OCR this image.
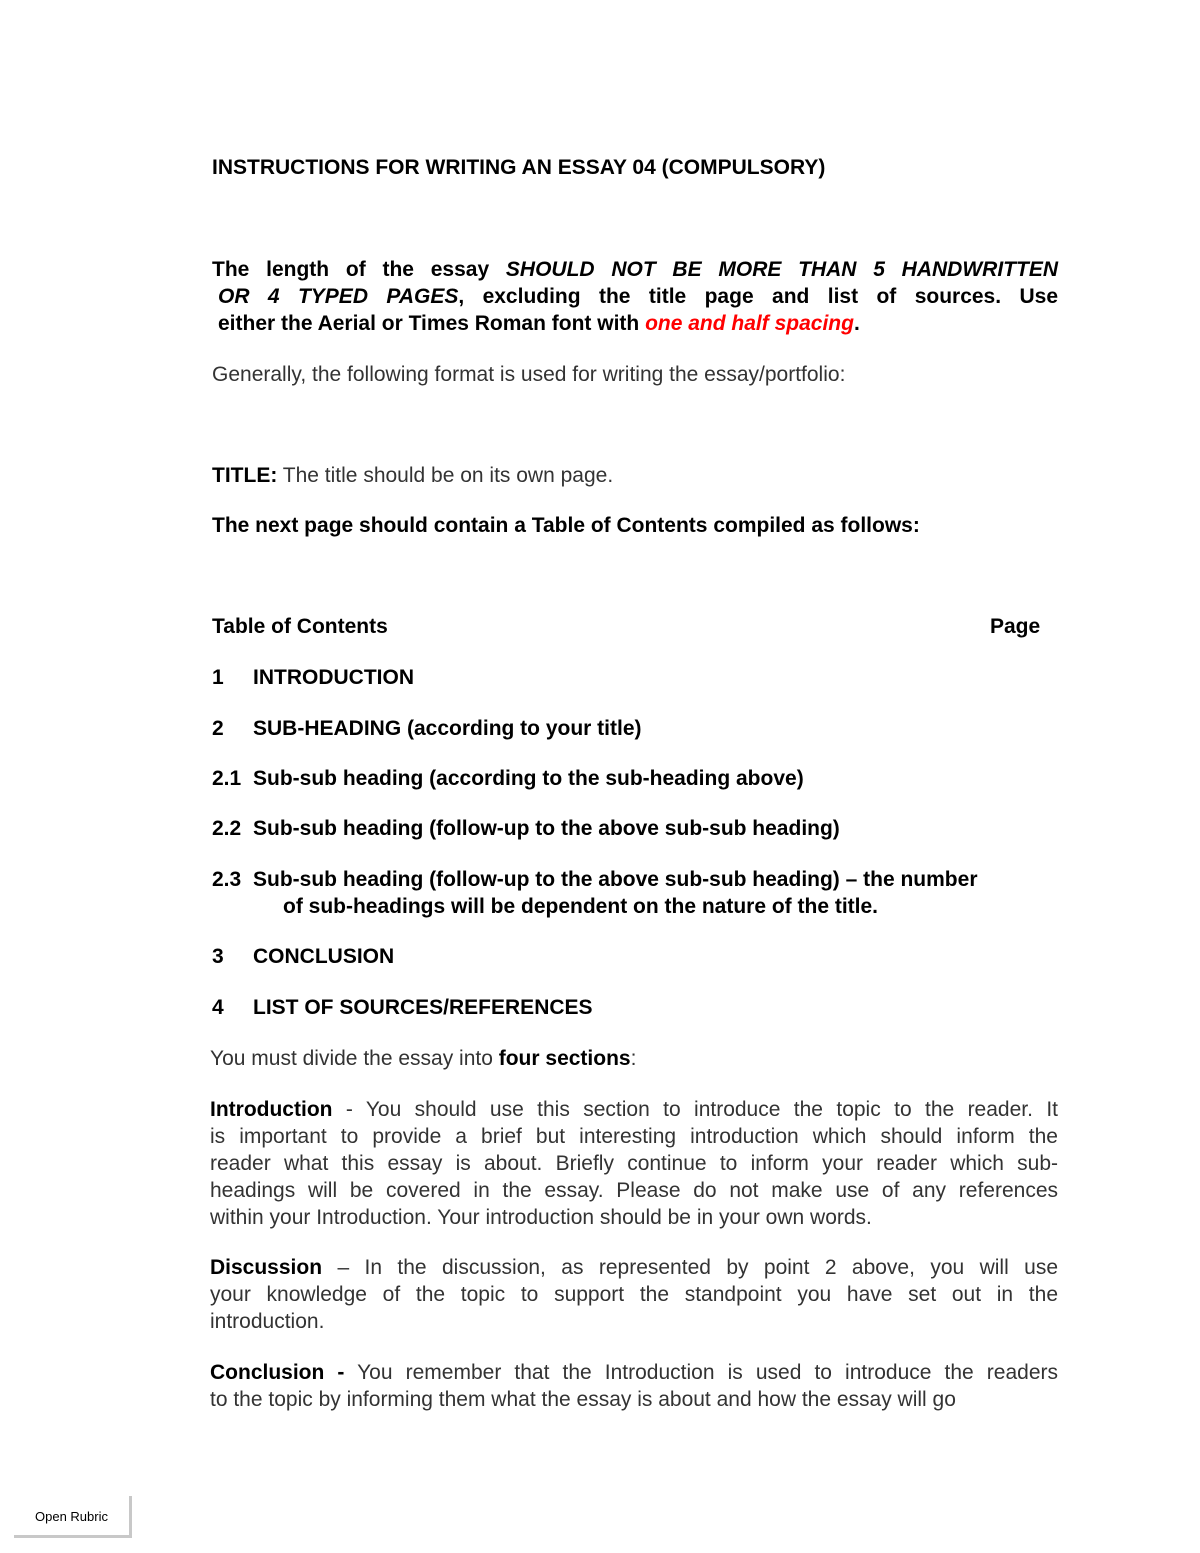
INSTRUCTIONS FOR WRITING AN ESSAY 04 (COMPULSORY)
The length of the essay SHOULD NOT BE MORE THAN 5 HANDWRITTEN
OR 4 TYPED PAGES, excluding the title page and list of sources. Use
either the Aerial or Times Roman font with one and half spacing.
Generally, the following format is used for writing the essay/portfolio:
TITLE: The title should be on its own page.
The next page should contain a Table of Contents compiled as follows:
Table of Contents	Page
1 INTRODUCTION
2 SUB-HEADING (according to your title)
2.1 Sub-sub heading (according to the sub-heading above)
2.2 Sub-sub heading (follow-up to the above sub-sub heading)
2.3 Sub-sub heading (follow-up to the above sub-sub heading) – the number
of sub-headings will be dependent on the nature of the title.
3 CONCLUSION
4 LIST OF SOURCES/REFERENCES
You must divide the essay into four sections:
Introduction - You should use this section to introduce the topic to the reader. It
is important to provide a brief but interesting introduction which should inform the
reader what this essay is about. Briefly continue to inform your reader which sub-
headings will be covered in the essay. Please do not make use of any references
within your Introduction. Your introduction should be in your own words.
Discussion – In the discussion, as represented by point 2 above, you will use
your knowledge of the topic to support the standpoint you have set out in the
introduction.
Conclusion - You remember that the Introduction is used to introduce the readers
to the topic by informing them what the essay is about and how the essay will go
Open Rubric
